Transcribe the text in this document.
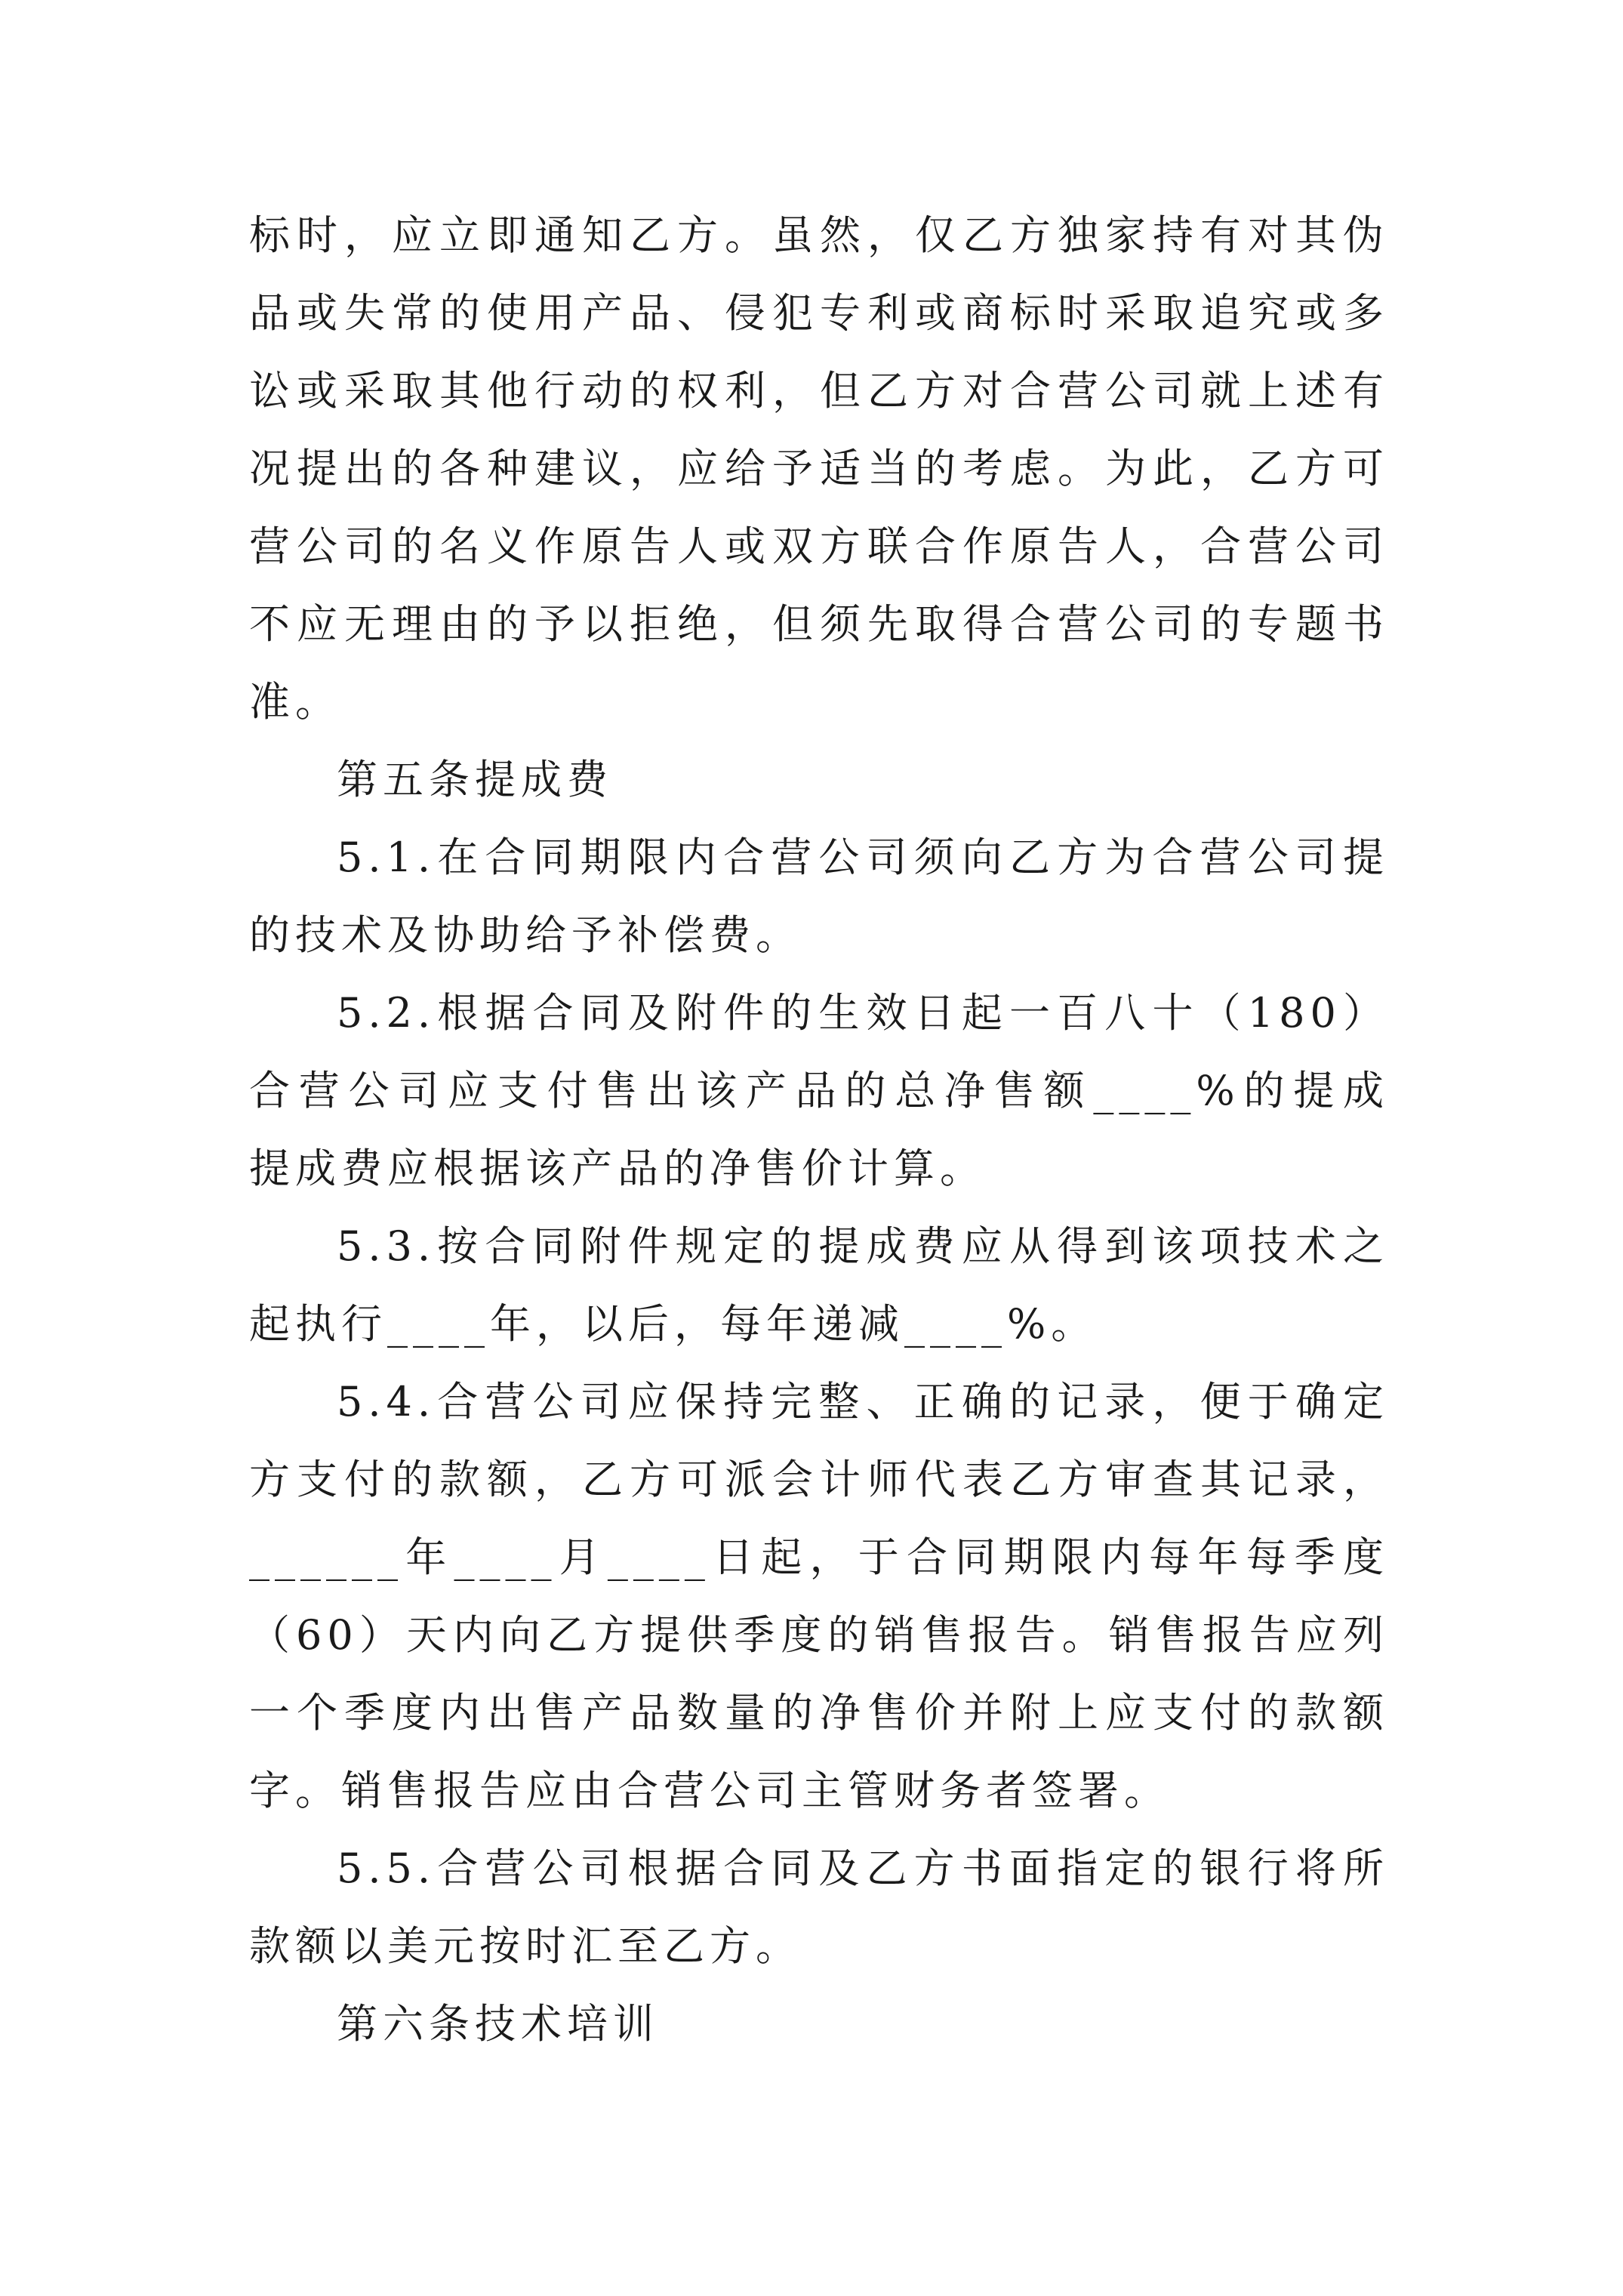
标时，应立即通知乙方。虽然，仅乙方独家持有对其伪
品或失常的使用产品、侵犯专利或商标时采取追究或多
讼或采取其他行动的权利，但乙方对合营公司就上述有
况提出的各种建议，应给予适当的考虑。为此，乙方可
营公司的名义作原告人或双方联合作原告人，合营公司
不应无理由的予以拒绝，但须先取得合营公司的专题书
准。
第五条提成费
5.1.在合同期限内合营公司须向乙方为合营公司提
的技术及协助给予补偿费。
5.2.根据合同及附件的生效日起一百八十（180）
合营公司应支付售出该产品的总净售额____%的提成
提成费应根据该产品的净售价计算。
5.3.按合同附件规定的提成费应从得到该项技术之
起执行____年，以后，每年递减____%。
5.4.合营公司应保持完整、正确的记录，便于确定
方支付的款额，乙方可派会计师代表乙方审查其记录，
______年____月____日起，于合同期限内每年每季度
（60）天内向乙方提供季度的销售报告。销售报告应列
一个季度内出售产品数量的净售价并附上应支付的款额
字。销售报告应由合营公司主管财务者签署。
5.5.合营公司根据合同及乙方书面指定的银行将所
款额以美元按时汇至乙方。
第六条技术培训
